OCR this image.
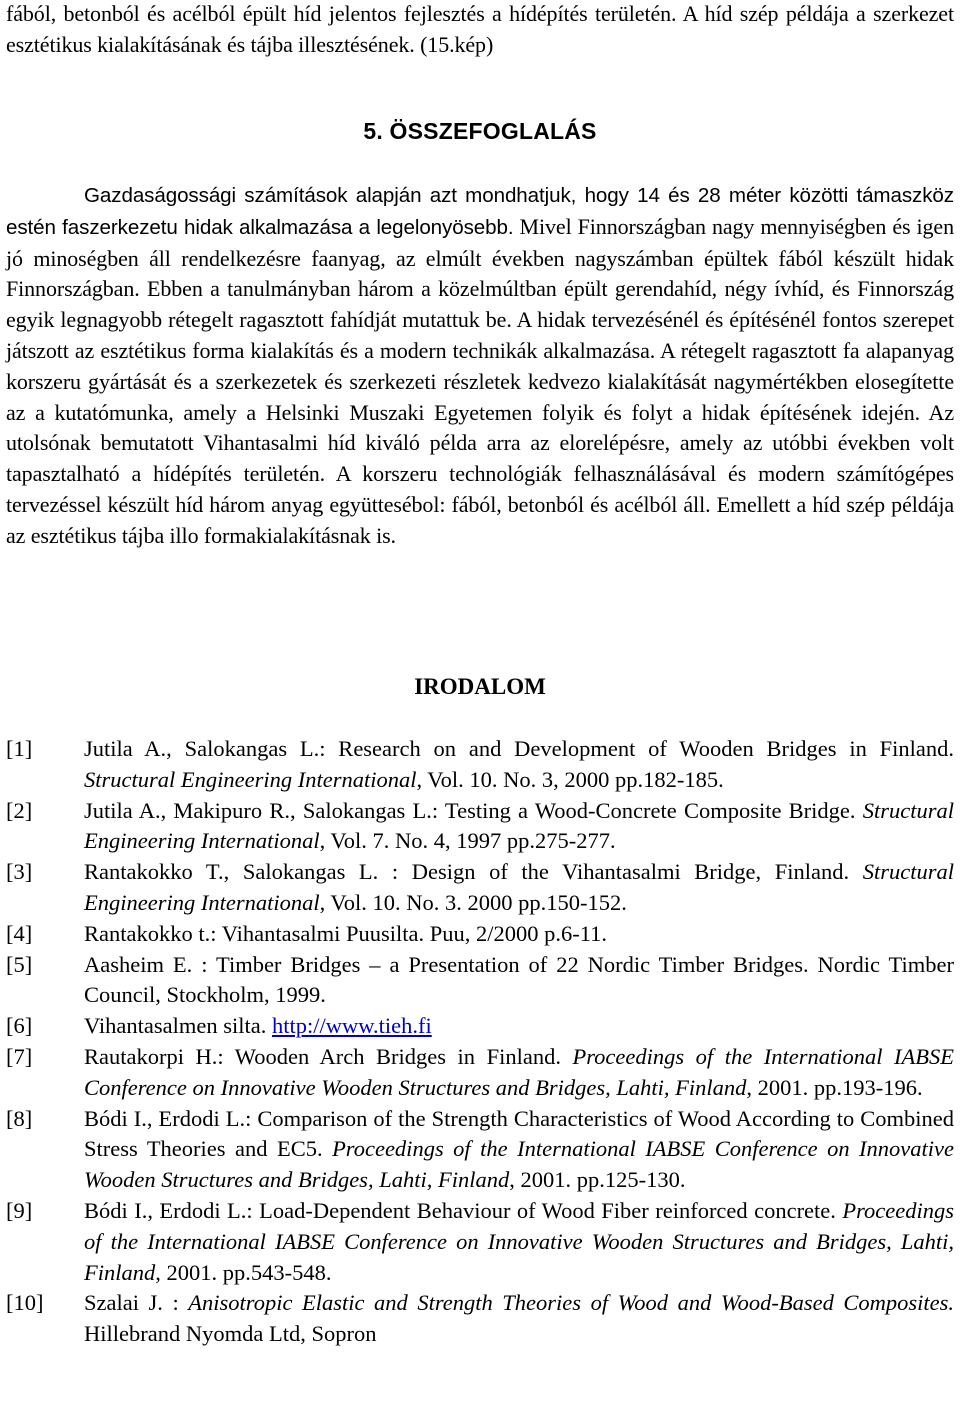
fából, betonból és acélból épült híd jelentos fejlesztés a hídépítés területén. A híd szép példája a szerkezet esztétikus kialakításának és tájba illesztésének. (15.kép)
5. ÖSSZEFOGLALÁS
Gazdaságossági számítások alapján azt mondhatjuk, hogy 14 és 28 méter közötti támaszköz estén faszerkezetu hidak alkalmazása a legelonyösebb. Mivel Finnországban nagy mennyiségben és igen jó minoségben áll rendelkezésre faanyag, az elmúlt években nagyszámban épültek fából készült hidak Finnországban. Ebben a tanulmányban három a közelmúltban épült gerendahíd, négy ívhíd, és Finnország egyik legnagyobb rétegelt ragasztott fahídját mutattuk be. A hidak tervezésénél és építésénél fontos szerepet játszott az esztétikus forma kialakítás és a modern technikák alkalmazása. A rétegelt ragasztott fa alapanyag korszeru gyártását és a szerkezetek és szerkezeti részletek kedvezo kialakítását nagymértékben elosegítette az a kutatómunka, amely a Helsinki Muszaki Egyetemen folyik és folyt a hidak építésének idején. Az utolsónak bemutatott Vihantasalmi híd kiváló példa arra az elorelépésre, amely az utóbbi években volt tapasztalható a hídépítés területén. A korszeru technológiák felhasználásával és modern számítógépes tervezéssel készült híd három anyag együttesébol: fából, betonból és acélból áll. Emellett a híd szép példája az esztétikus tájba illo formakialakításnak is.
IRODALOM
[1] Jutila A., Salokangas L.: Research on and Development of Wooden Bridges in Finland. Structural Engineering International, Vol. 10. No. 3, 2000 pp.182-185.
[2] Jutila A., Makipuro R., Salokangas L.: Testing a Wood-Concrete Composite Bridge. Structural Engineering International, Vol. 7. No. 4, 1997 pp.275-277.
[3] Rantakokko T., Salokangas L. : Design of the Vihantasalmi Bridge, Finland. Structural Engineering International, Vol. 10. No. 3. 2000 pp.150-152.
[4] Rantakokko t.: Vihantasalmi Puusilta. Puu, 2/2000 p.6-11.
[5] Aasheim E. : Timber Bridges – a Presentation of 22 Nordic Timber Bridges. Nordic Timber Council, Stockholm, 1999.
[6] Vihantasalmen silta. http://www.tieh.fi
[7] Rautakorpi H.: Wooden Arch Bridges in Finland. Proceedings of the International IABSE Conference on Innovative Wooden Structures and Bridges, Lahti, Finland, 2001. pp.193-196.
[8] Bódi I., Erdodi L.: Comparison of the Strength Characteristics of Wood According to Combined Stress Theories and EC5. Proceedings of the International IABSE Conference on Innovative Wooden Structures and Bridges, Lahti, Finland, 2001. pp.125-130.
[9] Bódi I., Erdodi L.: Load-Dependent Behaviour of Wood Fiber reinforced concrete. Proceedings of the International IABSE Conference on Innovative Wooden Structures and Bridges, Lahti, Finland, 2001. pp.543-548.
[10] Szalai J. : Anisotropic Elastic and Strength Theories of Wood and Wood-Based Composites. Hillebrand Nyomda Ltd, Sopron
